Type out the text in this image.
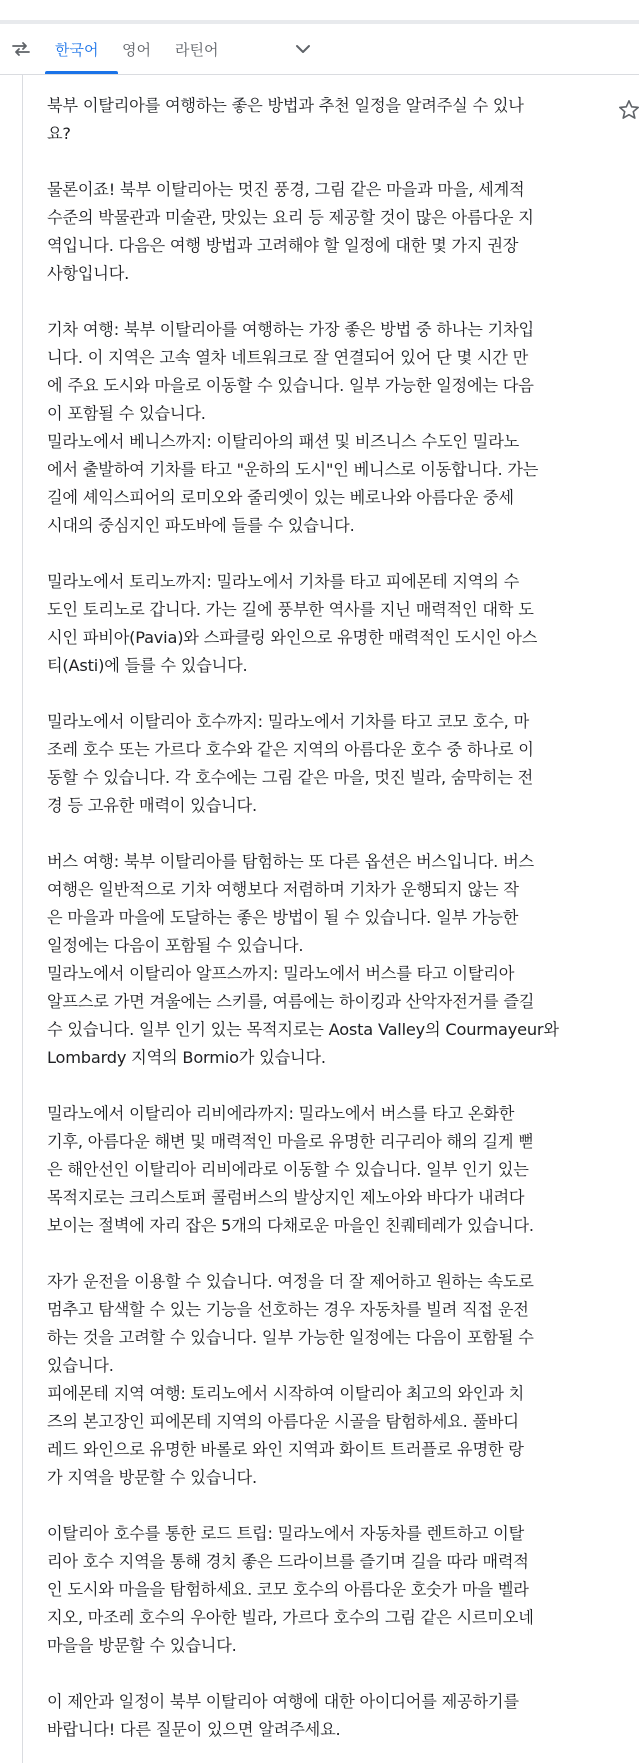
한국어 영어 라틴어

북부 이탈리아를 여행하는 좋은 방법과 추천 일정을 알려주실 수 있나
요?

물론이죠! 북부 이탈리아는 멋진 풍경, 그림 같은 마을과 마을, 세계적
수준의 박물관과 미술관, 맛있는 요리 등 제공할 것이 많은 아름다운 지
역입니다. 다음은 여행 방법과 고려해야 할 일정에 대한 몇 가지 권장
사항입니다.

기차 여행: 북부 이탈리아를 여행하는 가장 좋은 방법 중 하나는 기차입
니다. 이 지역은 고속 열차 네트워크로 잘 연결되어 있어 단 몇 시간 만
에 주요 도시와 마을로 이동할 수 있습니다. 일부 가능한 일정에는 다음
이 포함될 수 있습니다.
밀라노에서 베니스까지: 이탈리아의 패션 및 비즈니스 수도인 밀라노
에서 출발하여 기차를 타고 "운하의 도시"인 베니스로 이동합니다. 가는
길에 셰익스피어의 로미오와 줄리엣이 있는 베로나와 아름다운 중세
시대의 중심지인 파도바에 들를 수 있습니다.

밀라노에서 토리노까지: 밀라노에서 기차를 타고 피에몬테 지역의 수
도인 토리노로 갑니다. 가는 길에 풍부한 역사를 지닌 매력적인 대학 도
시인 파비아(Pavia)와 스파클링 와인으로 유명한 매력적인 도시인 아스
티(Asti)에 들를 수 있습니다.

밀라노에서 이탈리아 호수까지: 밀라노에서 기차를 타고 코모 호수, 마
조레 호수 또는 가르다 호수와 같은 지역의 아름다운 호수 중 하나로 이
동할 수 있습니다. 각 호수에는 그림 같은 마을, 멋진 빌라, 숨막히는 전
경 등 고유한 매력이 있습니다.

버스 여행: 북부 이탈리아를 탐험하는 또 다른 옵션은 버스입니다. 버스
여행은 일반적으로 기차 여행보다 저렴하며 기차가 운행되지 않는 작
은 마을과 마을에 도달하는 좋은 방법이 될 수 있습니다. 일부 가능한
일정에는 다음이 포함될 수 있습니다.
밀라노에서 이탈리아 알프스까지: 밀라노에서 버스를 타고 이탈리아
알프스로 가면 겨울에는 스키를, 여름에는 하이킹과 산악자전거를 즐길
수 있습니다. 일부 인기 있는 목적지로는 Aosta Valley의 Courmayeur와
Lombardy 지역의 Bormio가 있습니다.

밀라노에서 이탈리아 리비에라까지: 밀라노에서 버스를 타고 온화한
기후, 아름다운 해변 및 매력적인 마을로 유명한 리구리아 해의 길게 뻗
은 해안선인 이탈리아 리비에라로 이동할 수 있습니다. 일부 인기 있는
목적지로는 크리스토퍼 콜럼버스의 발상지인 제노아와 바다가 내려다
보이는 절벽에 자리 잡은 5개의 다채로운 마을인 친퀘테레가 있습니다.

자가 운전을 이용할 수 있습니다. 여정을 더 잘 제어하고 원하는 속도로
멈추고 탐색할 수 있는 기능을 선호하는 경우 자동차를 빌려 직접 운전
하는 것을 고려할 수 있습니다. 일부 가능한 일정에는 다음이 포함될 수
있습니다.
피에몬테 지역 여행: 토리노에서 시작하여 이탈리아 최고의 와인과 치
즈의 본고장인 피에몬테 지역의 아름다운 시골을 탐험하세요. 풀바디
레드 와인으로 유명한 바롤로 와인 지역과 화이트 트러플로 유명한 랑
가 지역을 방문할 수 있습니다.

이탈리아 호수를 통한 로드 트립: 밀라노에서 자동차를 렌트하고 이탈
리아 호수 지역을 통해 경치 좋은 드라이브를 즐기며 길을 따라 매력적
인 도시와 마을을 탐험하세요. 코모 호수의 아름다운 호숫가 마을 벨라
지오, 마조레 호수의 우아한 빌라, 가르다 호수의 그림 같은 시르미오네
마을을 방문할 수 있습니다.

이 제안과 일정이 북부 이탈리아 여행에 대한 아이디어를 제공하기를
바랍니다! 다른 질문이 있으면 알려주세요.
